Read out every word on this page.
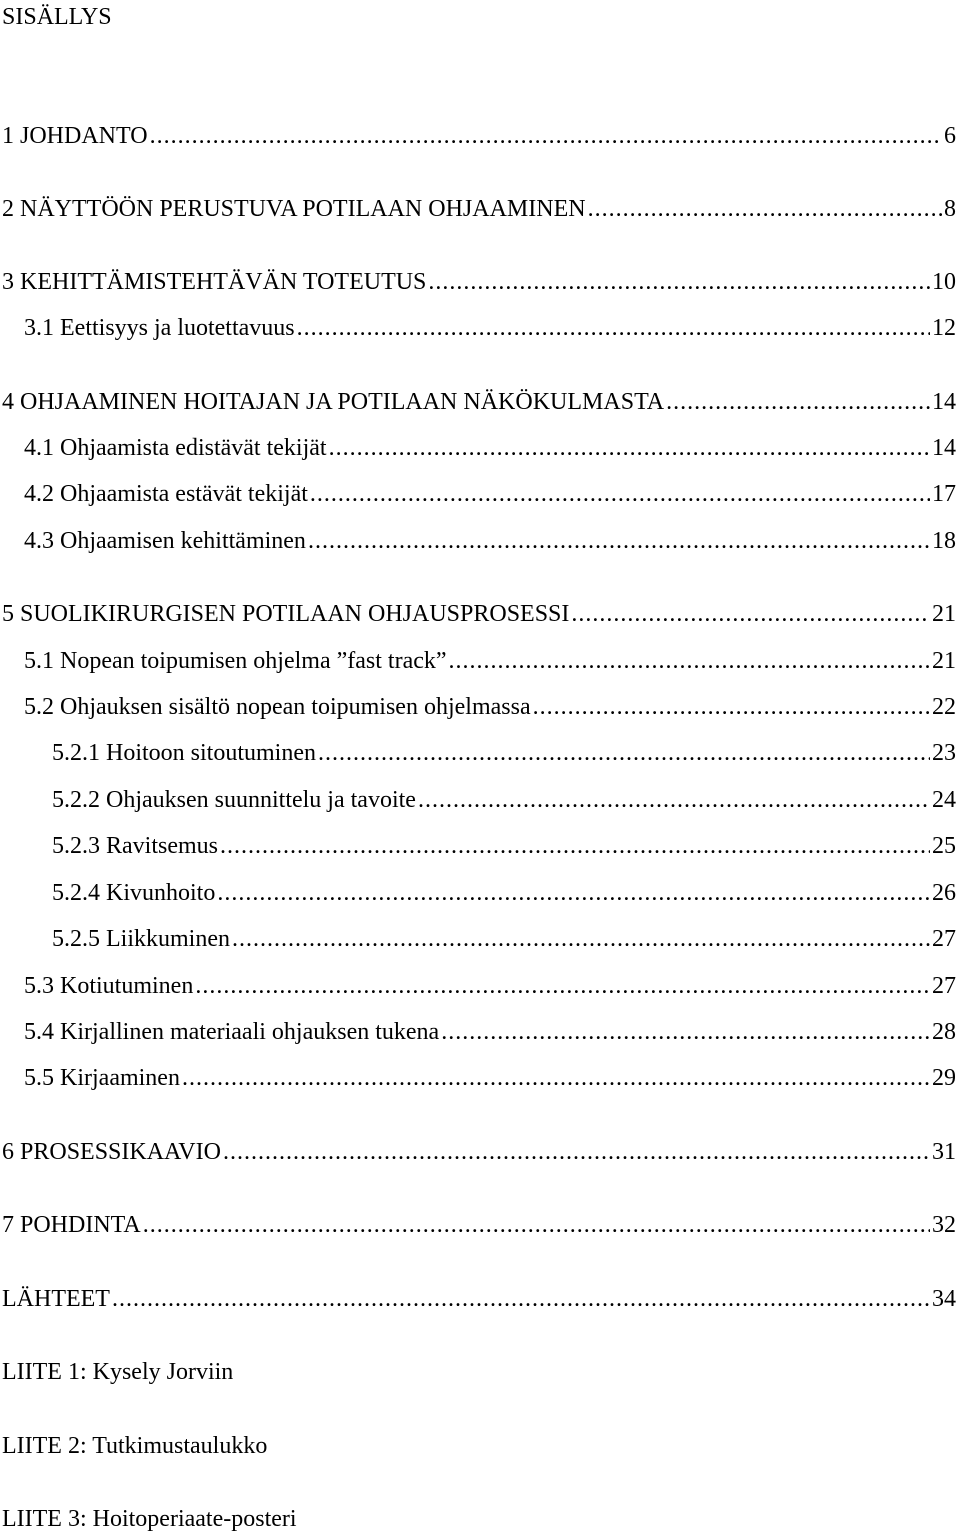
SISÄLLYS
1 JOHDANTO .....	6
2 NÄYTTÖÖN PERUSTUVA POTILAAN OHJAAMINEN .....	8
3 KEHITTÄMISTEHTÄVÄN TOTEUTUS .....	10
3.1 Eettisyys ja luotettavuus .....	12
4 OHJAAMINEN HOITAJAN JA POTILAAN NÄKÖKULMASTA .....	14
4.1 Ohjaamista edistävät tekijät .....	14
4.2 Ohjaamista estävät tekijät .....	17
4.3 Ohjaamisen kehittäminen .....	18
5 SUOLIKIRURGISEN POTILAAN OHJAUSPROSESSI .....	21
5.1 Nopean toipumisen ohjelma ”fast track” .....	21
5.2 Ohjauksen sisältö nopean toipumisen ohjelmassa .....	22
5.2.1 Hoitoon sitoutuminen .....	23
5.2.2 Ohjauksen suunnittelu ja tavoite .....	24
5.2.3 Ravitsemus .....	25
5.2.4 Kivunhoito .....	26
5.2.5 Liikkuminen .....	27
5.3 Kotiutuminen .....	27
5.4 Kirjallinen materiaali ohjauksen tukena .....	28
5.5 Kirjaaminen .....	29
6 PROSESSIKAAVIO .....	31
7 POHDINTA .....	32
LÄHTEET .....	34
LIITE 1: Kysely Jorviin
LIITE 2: Tutkimustaulukko
LIITE 3: Hoitoperiaate-posteri
